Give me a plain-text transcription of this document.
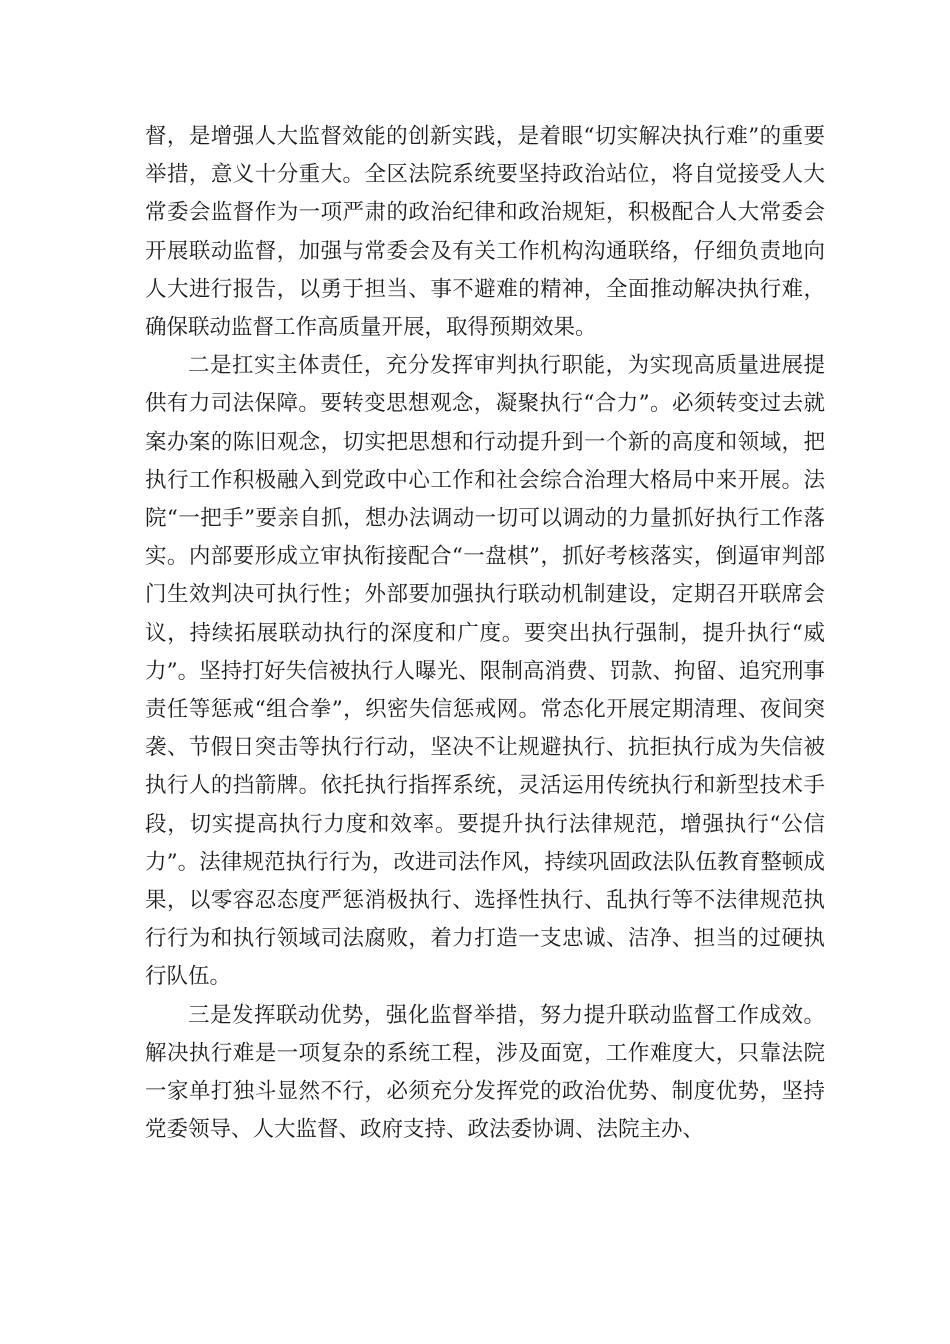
督，是增强人大监督效能的创新实践，是着眼“切实解决执行难”的重要举措，意义十分重大。全区法院系统要坚持政治站位，将自觉接受人大常委会监督作为一项严肃的政治纪律和政治规矩，积极配合人大常委会开展联动监督，加强与常委会及有关工作机构沟通联络，仔细负责地向人大进行报告，以勇于担当、事不避难的精神，全面推动解决执行难，确保联动监督工作高质量开展，取得预期效果。

二是扛实主体责任，充分发挥审判执行职能，为实现高质量进展提供有力司法保障。要转变思想观念，凝聚执行“合力”。必须转变过去就案办案的陈旧观念，切实把思想和行动提升到一个新的高度和领域，把执行工作积极融入到党政中心工作和社会综合治理大格局中来开展。法院“一把手”要亲自抓，想办法调动一切可以调动的力量抓好执行工作落实。内部要形成立审执衔接配合“一盘棋”，抓好考核落实，倒逼审判部门生效判决可执行性；外部要加强执行联动机制建设，定期召开联席会议，持续拓展联动执行的深度和广度。要突出执行强制，提升执行“威力”。坚持打好失信被执行人曝光、限制高消费、罚款、拘留、追究刑事责任等惩戒“组合拳”，织密失信惩戒网。常态化开展定期清理、夜间突袭、节假日突击等执行行动，坚决不让规避执行、抗拒执行成为失信被执行人的挡箭牌。依托执行指挥系统，灵活运用传统执行和新型技术手段，切实提高执行力度和效率。要提升执行法律规范，增强执行“公信力”。法律规范执行行为，改进司法作风，持续巩固政法队伍教育整顿成果，以零容忍态度严惩消极执行、选择性执行、乱执行等不法律规范执行行为和执行领域司法腐败，着力打造一支忠诚、洁净、担当的过硬执行队伍。

三是发挥联动优势，强化监督举措，努力提升联动监督工作成效。解决执行难是一项复杂的系统工程，涉及面宽，工作难度大，只靠法院一家单打独斗显然不行，必须充分发挥党的政治优势、制度优势，坚持党委领导、人大监督、政府支持、政法委协调、法院主办、
